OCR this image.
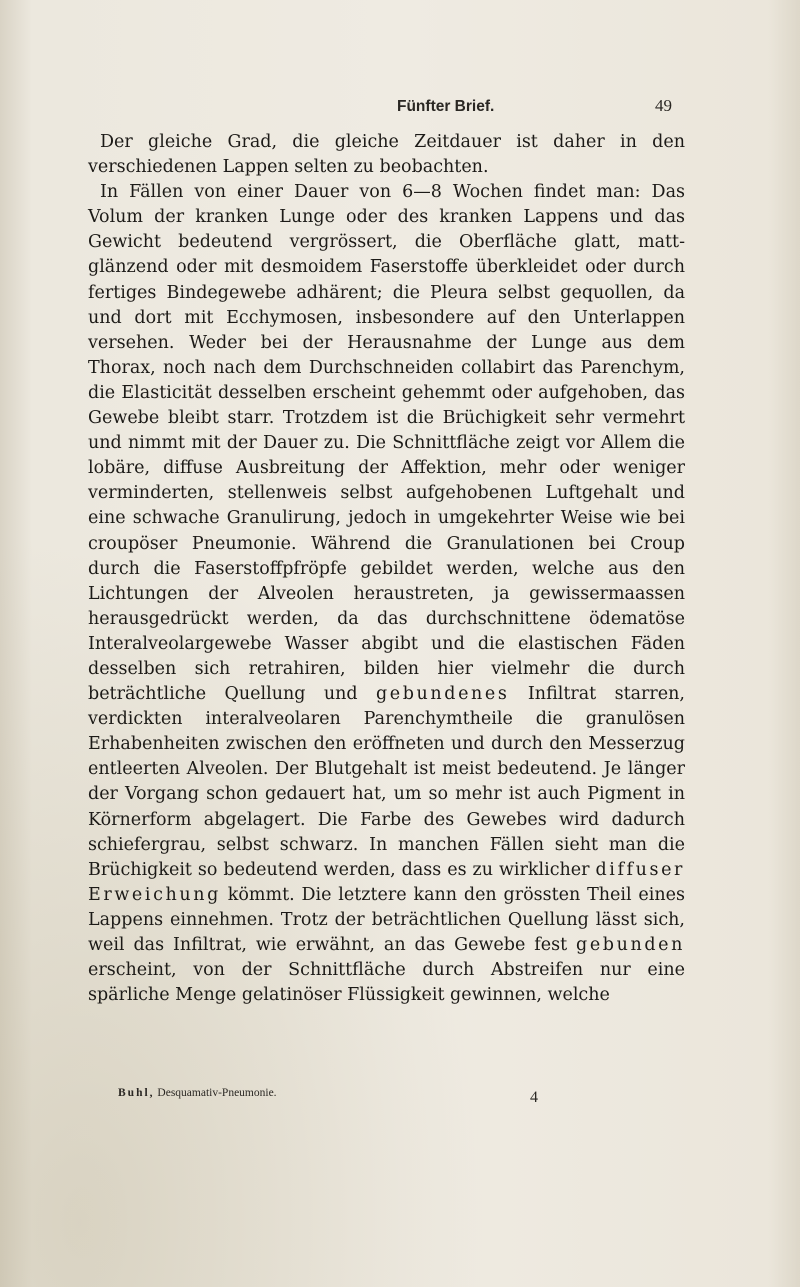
Fünfter Brief.	49

Der gleiche Grad, die gleiche Zeitdauer ist daher in den verschiedenen Lappen selten zu beobachten.

In Fällen von einer Dauer von 6—8 Wochen findet man: Das Volum der kranken Lunge oder des kranken Lappens und das Gewicht bedeutend vergrössert, die Oberfläche glatt, matt-glänzend oder mit desmoidem Faserstoffe überkleidet oder durch fertiges Bindegewebe adhärent; die Pleura selbst gequollen, da und dort mit Ecchymosen, insbesondere auf den Unterlappen versehen. Weder bei der Herausnahme der Lunge aus dem Thorax, noch nach dem Durchschneiden collabirt das Parenchym, die Elasticität desselben erscheint gehemmt oder aufgehoben, das Gewebe bleibt starr. Trotzdem ist die Brüchigkeit sehr vermehrt und nimmt mit der Dauer zu. Die Schnittfläche zeigt vor Allem die lobäre, diffuse Ausbreitung der Affektion, mehr oder weniger verminderten, stellenweis selbst aufgehobenen Luftgehalt und eine schwache Granulirung, jedoch in umgekehrter Weise wie bei croupöser Pneumonie. Während die Granulationen bei Croup durch die Faserstoffpfröpfe gebildet werden, welche aus den Lichtungen der Alveolen heraustreten, ja gewissermaassen herausgedrückt werden, da das durchschnittene ödematöse Interalveolargewebe Wasser abgibt und die elastischen Fäden desselben sich retrahiren, bilden hier vielmehr die durch beträchtliche Quellung und gebundenes Infiltrat starren, verdickten interalveolaren Parenchymtheile die granulösen Erhabenheiten zwischen den eröffneten und durch den Messerzug entleerten Alveolen. Der Blutgehalt ist meist bedeutend. Je länger der Vorgang schon gedauert hat, um so mehr ist auch Pigment in Körnerform abgelagert. Die Farbe des Gewebes wird dadurch schiefergrau, selbst schwarz. In manchen Fällen sieht man die Brüchigkeit so bedeutend werden, dass es zu wirklicher diffuser Erweichung kömmt. Die letztere kann den grössten Theil eines Lappens einnehmen. Trotz der beträchtlichen Quellung lässt sich, weil das Infiltrat, wie erwähnt, an das Gewebe fest gebunden erscheint, von der Schnittfläche durch Abstreifen nur eine spärliche Menge gelatinöser Flüssigkeit gewinnen, welche

Buhl, Desquamativ-Pneumonie.	4
